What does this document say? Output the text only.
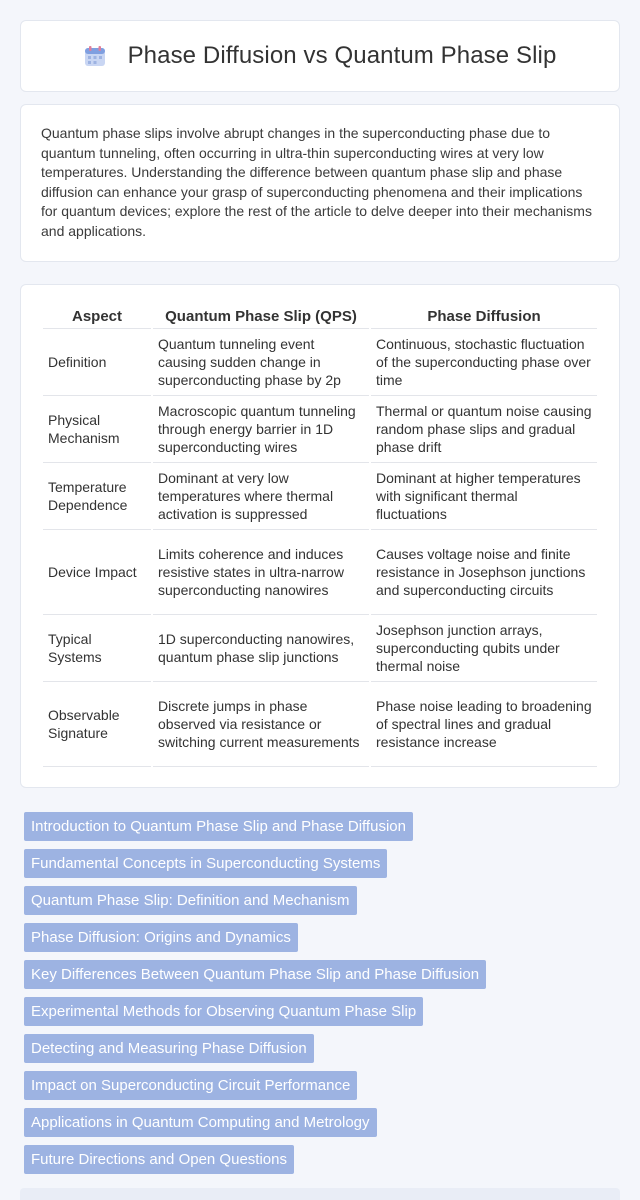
Phase Diffusion vs Quantum Phase Slip

Quantum phase slips involve abrupt changes in the superconducting phase due to quantum tunneling, often occurring in ultra-thin superconducting wires at very low temperatures. Understanding the difference between quantum phase slip and phase diffusion can enhance your grasp of superconducting phenomena and their implications for quantum devices; explore the rest of the article to delve deeper into their mechanisms and applications.

Aspect	Quantum Phase Slip (QPS)	Phase Diffusion
Definition	Quantum tunneling event causing sudden change in superconducting phase by 2p	Continuous, stochastic fluctuation of the superconducting phase over time
Physical Mechanism	Macroscopic quantum tunneling through energy barrier in 1D superconducting wires	Thermal or quantum noise causing random phase slips and gradual phase drift
Temperature Dependence	Dominant at very low temperatures where thermal activation is suppressed	Dominant at higher temperatures with significant thermal fluctuations
Device Impact	Limits coherence and induces resistive states in ultra-narrow superconducting nanowires	Causes voltage noise and finite resistance in Josephson junctions and superconducting circuits
Typical Systems	1D superconducting nanowires, quantum phase slip junctions	Josephson junction arrays, superconducting qubits under thermal noise
Observable Signature	Discrete jumps in phase observed via resistance or switching current measurements	Phase noise leading to broadening of spectral lines and gradual resistance increase
Introduction to Quantum Phase Slip and Phase Diffusion
Fundamental Concepts in Superconducting Systems
Quantum Phase Slip: Definition and Mechanism
Phase Diffusion: Origins and Dynamics
Key Differences Between Quantum Phase Slip and Phase Diffusion
Experimental Methods for Observing Quantum Phase Slip
Detecting and Measuring Phase Diffusion
Impact on Superconducting Circuit Performance
Applications in Quantum Computing and Metrology
Future Directions and Open Questions
